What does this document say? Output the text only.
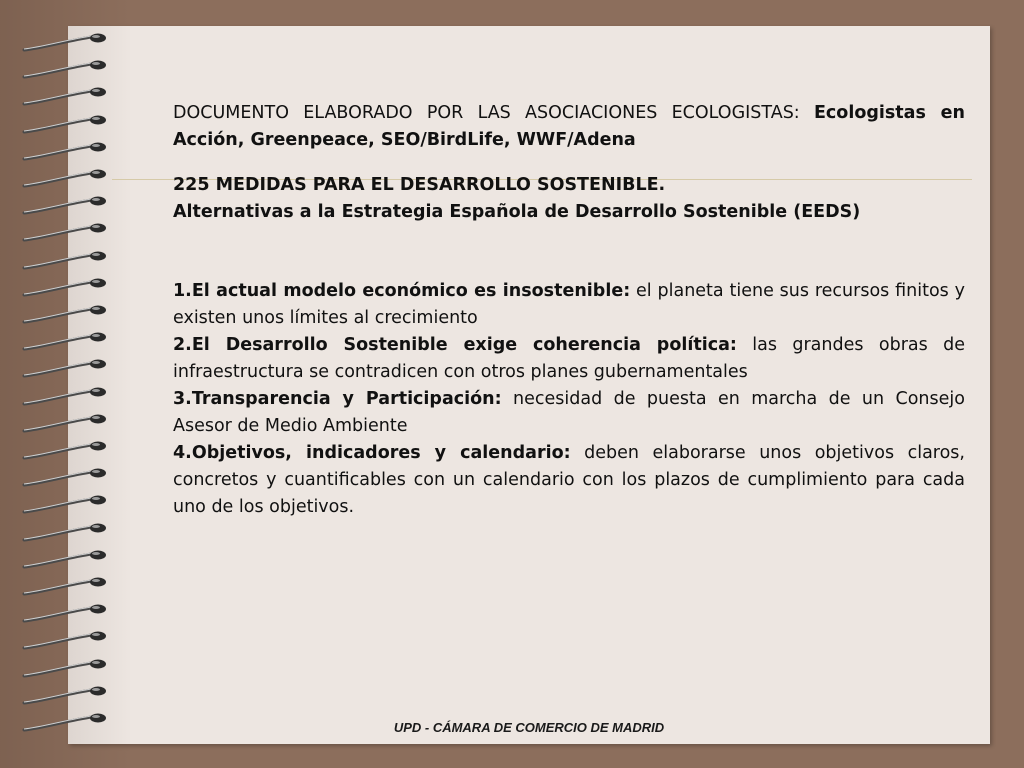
DOCUMENTO ELABORADO POR LAS ASOCIACIONES ECOLOGISTAS: Ecologistas en Acción, Greenpeace, SEO/BirdLife, WWF/Adena

225 MEDIDAS PARA EL DESARROLLO SOSTENIBLE.

Alternativas a la Estrategia Española de Desarrollo Sostenible (EEDS)

1.El actual modelo económico es insostenible: el planeta tiene sus recursos finitos y existen unos límites al crecimiento

2.El Desarrollo Sostenible exige coherencia política: las grandes obras de infraestructura se contradicen con otros planes gubernamentales

3.Transparencia y Participación: necesidad de puesta en marcha de un Consejo Asesor de Medio Ambiente

4.Objetivos, indicadores y calendario: deben elaborarse unos objetivos claros, concretos y cuantificables con un calendario con los plazos de cumplimiento para cada uno de los objetivos.

UPD - CÁMARA DE COMERCIO DE MADRID
